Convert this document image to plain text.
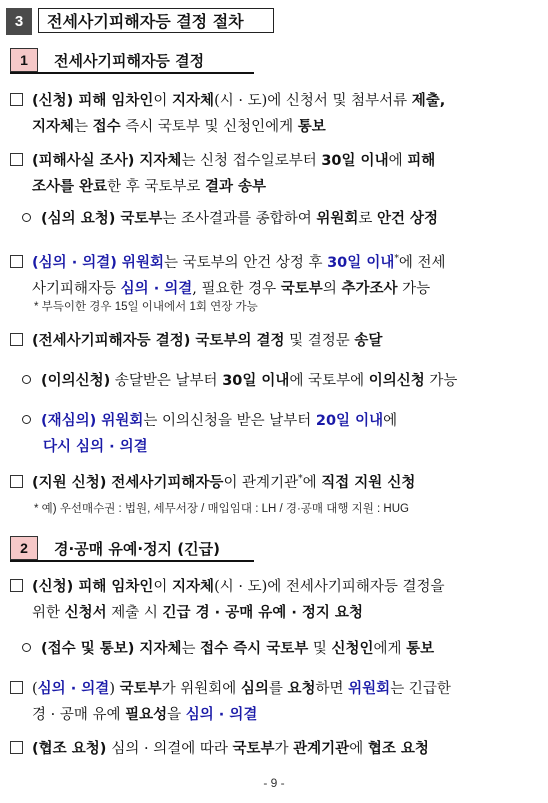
3	전세사기피해자등 결정 절차
1	전세사기피해자등 결정
(신청) 피해 임차인이 지자체(시 · 도)에 신청서 및 첨부서류 제출,
지자체는 접수 즉시 국토부 및 신청인에게 통보
(피해사실 조사) 지자체는 신청 접수일로부터 30일 이내에 피해
조사를 완료한 후 국토부로 결과 송부
(심의 요청) 국토부는 조사결과를 종합하여 위원회로 안건 상정
(심의 · 의결) 위원회는 국토부의 안건 상정 후 30일 이내*에 전세
사기피해자등 심의 · 의결, 필요한 경우 국토부의 추가조사 가능
* 부득이한 경우 15일 이내에서 1회 연장 가능
(전세사기피해자등 결정) 국토부의 결정 및 결정문 송달
(이의신청) 송달받은 날부터 30일 이내에 국토부에 이의신청 가능
(재심의) 위원회는 이의신청을 받은 날부터 20일 이내에
다시 심의 · 의결
(지원 신청) 전세사기피해자등이 관계기관*에 직접 지원 신청
* 예) 우선매수권 : 법원, 세무서장 / 매입임대 : LH / 경·공매 대행 지원 : HUG
2	경·공매 유예·정지 (긴급)
(신청) 피해 임차인이 지자체(시 · 도)에 전세사기피해자등 결정을
위한 신청서 제출 시 긴급 경 · 공매 유예 · 정지 요청
(접수 및 통보) 지자체는 접수 즉시 국토부 및 신청인에게 통보
(심의 · 의결) 국토부가 위원회에 심의를 요청하면 위원회는 긴급한
경 · 공매 유예 필요성을 심의 · 의결
(협조 요청) 심의 · 의결에 따라 국토부가 관계기관에 협조 요청
- 9 -
